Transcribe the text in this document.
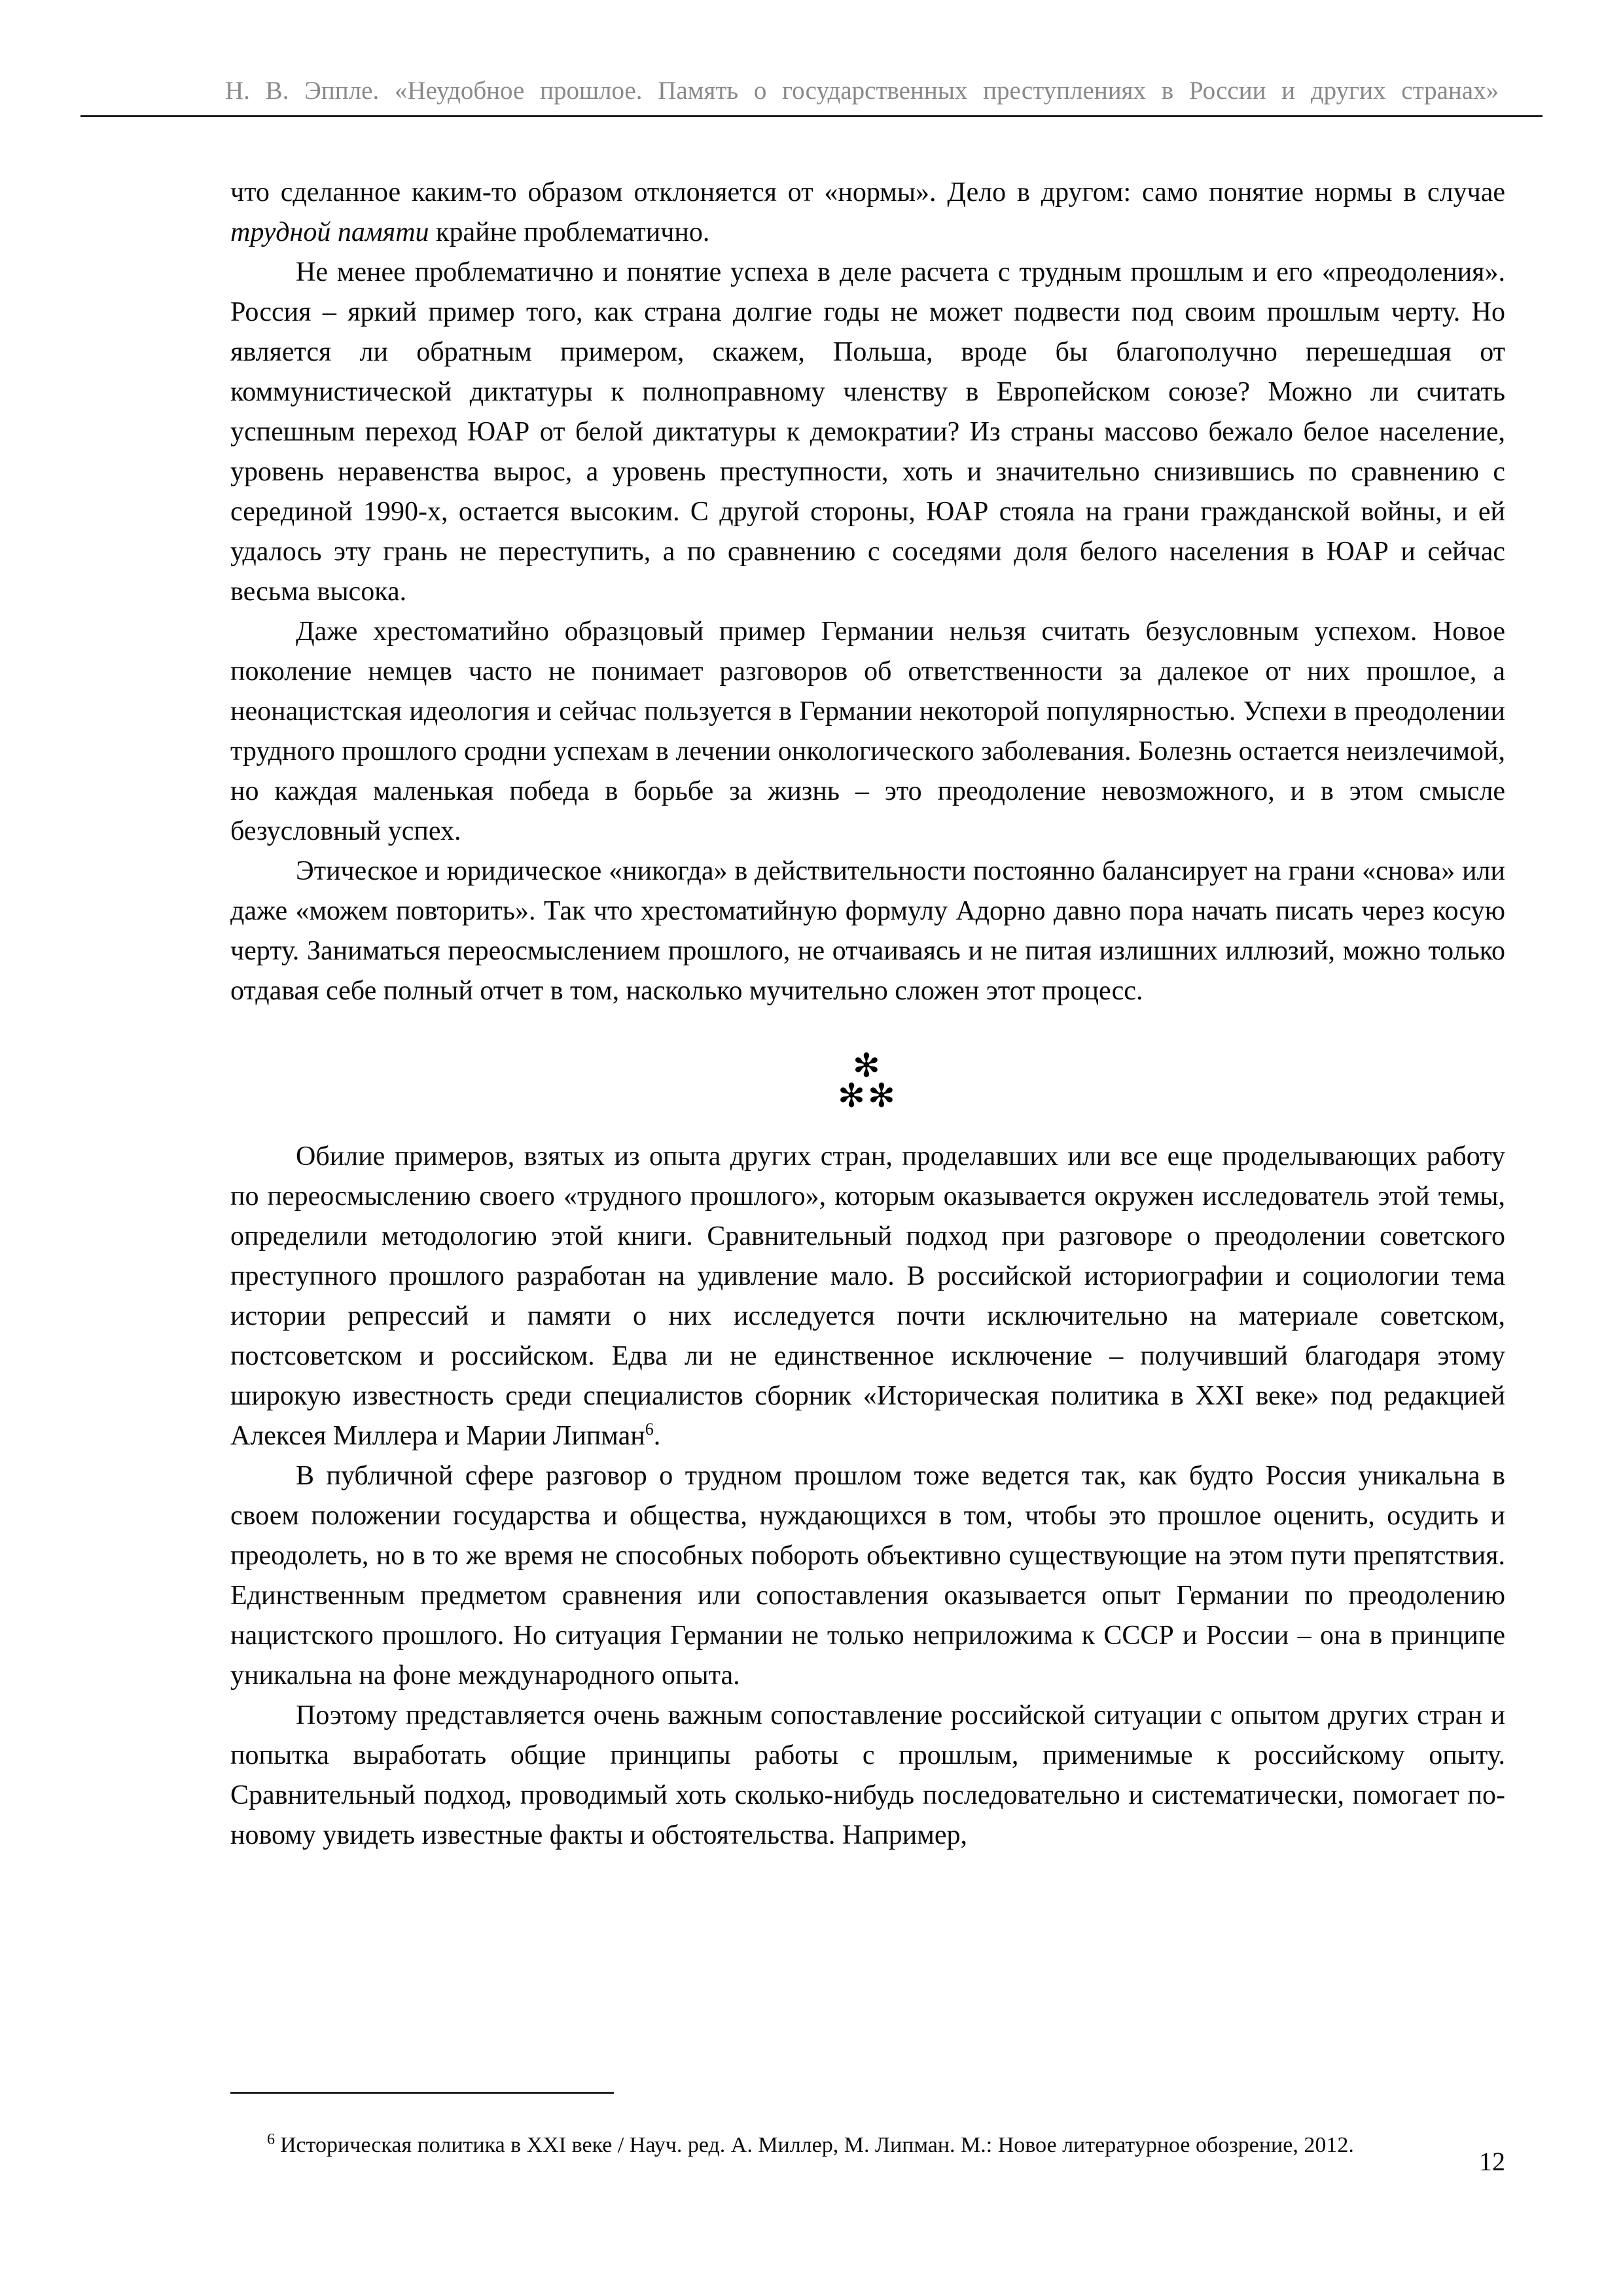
Н. В. Эппле. «Неудобное прошлое. Память о государственных преступлениях в России и других странах»

что сделанное каким-то образом отклоняется от «нормы». Дело в другом: само понятие нормы в случае трудной памяти крайне проблематично.

Не менее проблематично и понятие успеха в деле расчета с трудным прошлым и его «преодоления». Россия – яркий пример того, как страна долгие годы не может подвести под своим прошлым черту. Но является ли обратным примером, скажем, Польша, вроде бы благополучно перешедшая от коммунистической диктатуры к полноправному членству в Европейском союзе? Можно ли считать успешным переход ЮАР от белой диктатуры к демократии? Из страны массово бежало белое население, уровень неравенства вырос, а уровень преступности, хоть и значительно снизившись по сравнению с серединой 1990-х, остается высоким. С другой стороны, ЮАР стояла на грани гражданской войны, и ей удалось эту грань не переступить, а по сравнению с соседями доля белого населения в ЮАР и сейчас весьма высока.

Даже хрестоматийно образцовый пример Германии нельзя считать безусловным успехом. Новое поколение немцев часто не понимает разговоров об ответственности за далекое от них прошлое, а неонацистская идеология и сейчас пользуется в Германии некоторой популярностью. Успехи в преодолении трудного прошлого сродни успехам в лечении онкологического заболевания. Болезнь остается неизлечимой, но каждая маленькая победа в борьбе за жизнь – это преодоление невозможного, и в этом смысле безусловный успех.

Этическое и юридическое «никогда» в действительности постоянно балансирует на грани «снова» или даже «можем повторить». Так что хрестоматийную формулу Адорно давно пора начать писать через косую черту. Заниматься переосмыслением прошлого, не отчаиваясь и не питая излишних иллюзий, можно только отдавая себе полный отчет в том, насколько мучительно сложен этот процесс.

✻
✻✻

Обилие примеров, взятых из опыта других стран, проделавших или все еще проделывающих работу по переосмыслению своего «трудного прошлого», которым оказывается окружен исследователь этой темы, определили методологию этой книги. Сравнительный подход при разговоре о преодолении советского преступного прошлого разработан на удивление мало. В российской историографии и социологии тема истории репрессий и памяти о них исследуется почти исключительно на материале советском, постсоветском и российском. Едва ли не единственное исключение – получивший благодаря этому широкую известность среди специалистов сборник «Историческая политика в XXI веке» под редакцией Алексея Миллера и Марии Липман$^6$.

В публичной сфере разговор о трудном прошлом тоже ведется так, как будто Россия уникальна в своем положении государства и общества, нуждающихся в том, чтобы это прошлое оценить, осудить и преодолеть, но в то же время не способных побороть объективно существующие на этом пути препятствия. Единственным предметом сравнения или сопоставления оказывается опыт Германии по преодолению нацистского прошлого. Но ситуация Германии не только неприложима к СССР и России – она в принципе уникальна на фоне международного опыта.

Поэтому представляется очень важным сопоставление российской ситуации с опытом других стран и попытка выработать общие принципы работы с прошлым, применимые к российскому опыту. Сравнительный подход, проводимый хоть сколько-нибудь последовательно и систематически, помогает по-новому увидеть известные факты и обстоятельства. Например,

$^6$ Историческая политика в XXI веке / Науч. ред. А. Миллер, М. Липман. М.: Новое литературное обозрение, 2012.

12
